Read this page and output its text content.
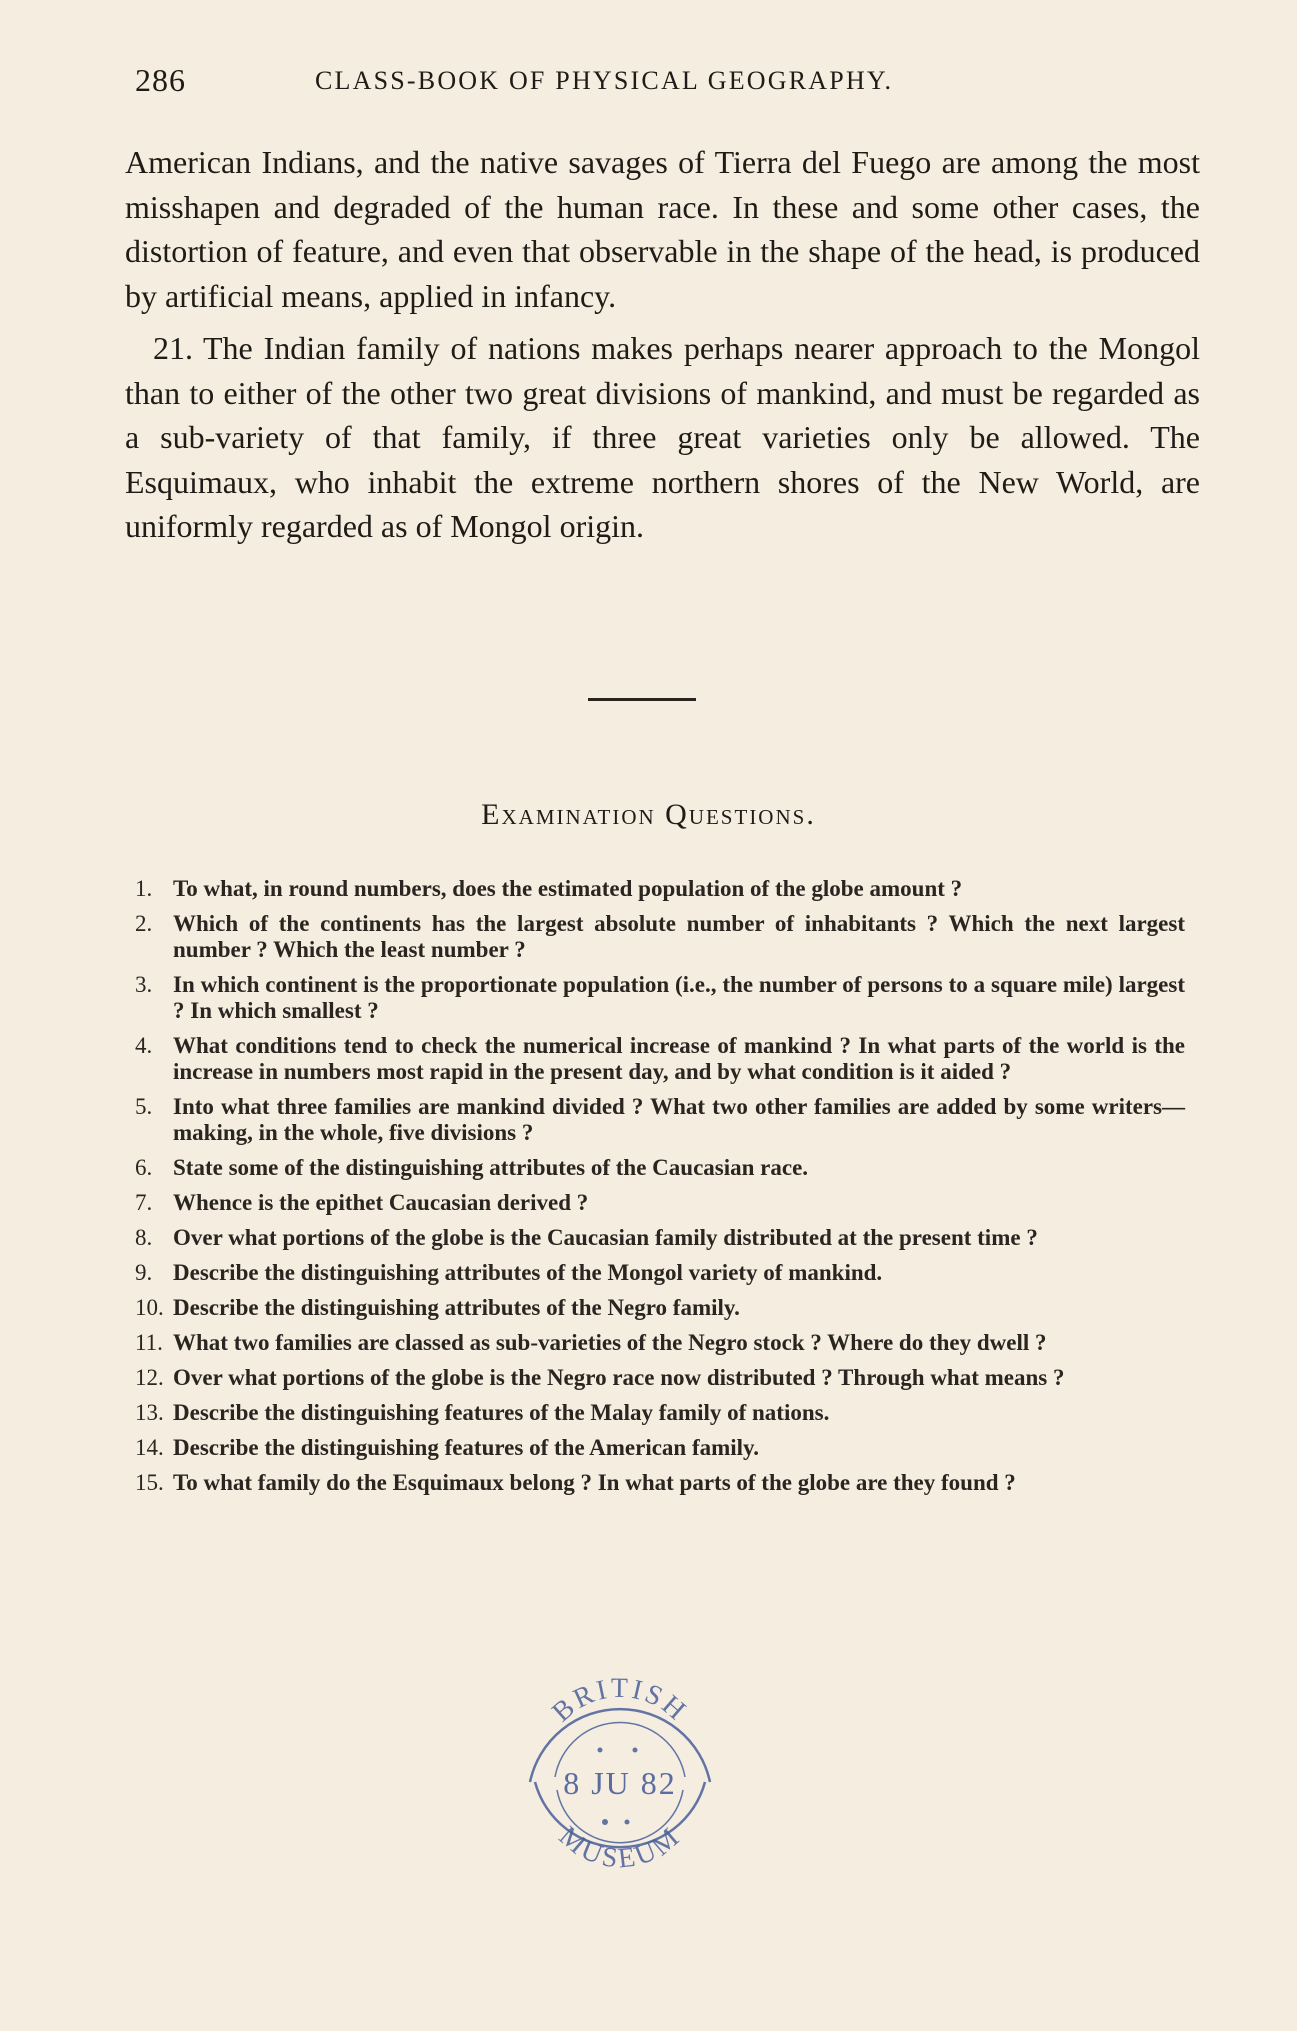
286	CLASS-BOOK OF PHYSICAL GEOGRAPHY.

American Indians, and the native savages of Tierra del Fuego are among the most misshapen and degraded of the human race. In these and some other cases, the distortion of feature, and even that observable in the shape of the head, is produced by artificial means, applied in infancy.

21. The Indian family of nations makes perhaps nearer approach to the Mongol than to either of the other two great divisions of mankind, and must be regarded as a sub-variety of that family, if three great varieties only be allowed. The Esquimaux, who inhabit the extreme northern shores of the New World, are uniformly regarded as of Mongol origin.

Examination Questions.
1. To what, in round numbers, does the estimated population of the globe amount ?
2. Which of the continents has the largest absolute number of inhabitants ? Which the next largest number ? Which the least number ?
3. In which continent is the proportionate population (i.e., the number of persons to a square mile) largest ? In which smallest ?
4. What conditions tend to check the numerical increase of mankind ? In what parts of the world is the increase in numbers most rapid in the present day, and by what condition is it aided ?
5. Into what three families are mankind divided ? What two other families are added by some writers—making, in the whole, five divisions ?
6. State some of the distinguishing attributes of the Caucasian race.
7. Whence is the epithet Caucasian derived ?
8. Over what portions of the globe is the Caucasian family distributed at the present time ?
9. Describe the distinguishing attributes of the Mongol variety of mankind.
10. Describe the distinguishing attributes of the Negro family.
11. What two families are classed as sub-varieties of the Negro stock ? Where do they dwell ?
12. Over what portions of the globe is the Negro race now distributed ? Through what means ?
13. Describe the distinguishing features of the Malay family of nations.
14. Describe the distinguishing features of the American family.
15. To what family do the Esquimaux belong ? In what parts of the globe are they found ?
BRITISH
8 JU 82
MUSEUM
